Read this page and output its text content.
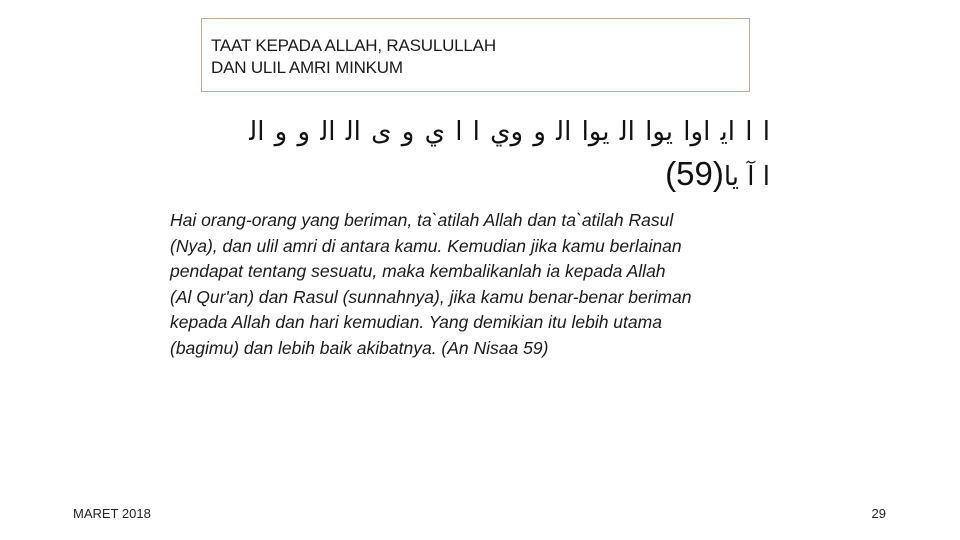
TAAT KEPADA ALLAH, RASULULLAH
DAN ULIL AMRI MINKUM
ﺍ ﺍ ﺍﻳ ﺍﻭﺍ ﻳﻮﺍ ﺍﻟ ﻳﻮﺍ ﺍﻟ ﻭ ﻭﻱ ﺍ ﺍ ﻱ ﻭ ﻯ ﺍﻟ ﺍﻟ ﻭ ﻭ ﺍﻟ
ﺍ ﺁ ﻳﺎ(59)
Hai orang-orang yang beriman, ta`atilah Allah dan ta`atilah Rasul
(Nya), dan ulil amri di antara kamu. Kemudian jika kamu berlainan
pendapat tentang sesuatu, maka kembalikanlah ia kepada Allah
(Al Qur'an) dan Rasul (sunnahnya), jika kamu benar-benar beriman
kepada Allah dan hari kemudian. Yang demikian itu lebih utama
(bagimu) dan lebih baik akibatnya. (An Nisaa 59)
MARET 2018	29
